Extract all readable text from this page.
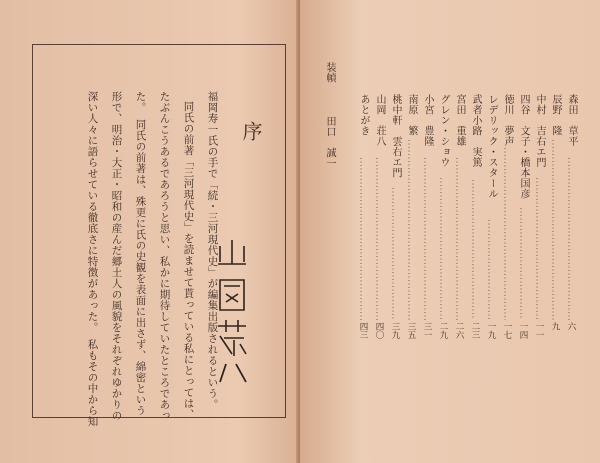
序
福岡寿一氏の手で「続・三河現代史」が編集出版されるという。
同氏の前著「三河現代史」を読ませて貰っている私にとっては、
たぶんこうあるであろうと思い、私かに期待していたところであっ
た。　同氏の前著は、殊更に氏の史観を表面に出さず、綿密という
形で、明治・大正・昭和の産んだ郷土人の風貌をそれぞれゆかりの
深い人々に語らせている徹底さに特徴があった。　私もその中から知	森田　草平
辰野　隆
中村　吉右エ門
四谷　文子・橋本国彦
徳川　夢声
レデリック・スタール
武者小路　実篤
宮田　重雄
グレン・ショウ
小宮　豊隆
南原　繁
桃中軒　雲右エ門
山岡　荘八
あとがき
六
九
一一
一四
一七
一九
二三
二六
二九
三一
三五
三九
四〇
四三
装幀
田口　誠一
